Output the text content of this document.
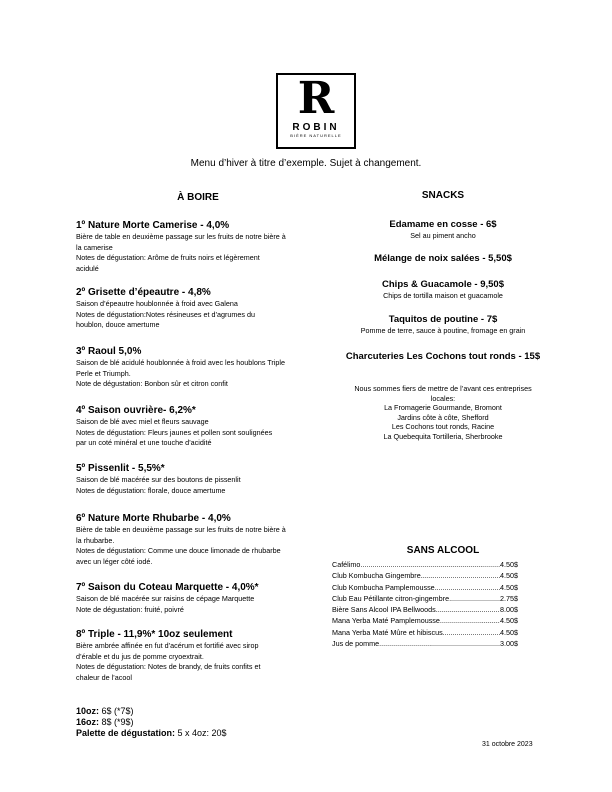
R
ROBIN
BIÈRE NATURELLE
Menu d’hiver à titre d’exemple. Sujet à changement.
À BOIRE	SNACKS
1º Nature Morte Camerise - 4,0%
Bière de table en deuxième passage sur les fruits de notre bière à
la camerise
Notes de dégustation: Arôme de fruits noirs et légèrement
acidulé
2º Grisette d’épeautre - 4,8%
Saison d’épeautre houblonnée à froid avec Galena
Notes de dégustation:Notes résineuses et d’agrumes du
houblon, douce amertume
3º Raoul 5,0%
Saison de blé acidulé houblonnée à froid avec les houblons Triple
Perle et Triumph.
Note de dégustation: Bonbon sûr et citron confit
4º Saison ouvrière- 6,2%*
Saison de blé avec miel et fleurs sauvage
Notes de dégustation: Fleurs jaunes et pollen sont soulignées
par un coté minéral et une touche d’acidité
5º Pissenlit - 5,5%*
Saison de blé macérée sur des boutons de pissenlit
Notes de dégustation: florale, douce amertume
6º Nature Morte Rhubarbe - 4,0%
Bière de table en deuxième passage sur les fruits de notre bière à
la rhubarbe.
Notes de dégustation: Comme une douce limonade de rhubarbe
avec un léger côté iodé.
7º Saison du Coteau Marquette - 4,0%*
Saison de blé macérée sur raisins de cépage Marquette
Note de dégustation: fruité, poivré
8º Triple - 11,9%* 10oz seulement
Bière ambrée affinée en fut d’acérum et fortifié avec sirop
d’érable et du jus de pomme cryoextrait.
Notes de dégustation: Notes de brandy, de fruits confits et
chaleur de l’acool
Edamame en cosse - 6$
Sel au piment ancho
Mélange de noix salées - 5,50$
Chips & Guacamole - 9,50$
Chips de tortilla maison et guacamole
Taquitos de poutine - 7$
Pomme de terre, sauce à poutine, fromage en grain
Charcuteries Les Cochons tout ronds - 15$
Nous sommes fiers de mettre de l’avant ces entreprises
locales:
La Fromagerie Gourmande, Bromont
Jardins côte à côte, Shefford
Les Cochons tout ronds, Racine
La Quebequita Tortilleria, Sherbrooke
SANS ALCOOL
Cafélimo .....	4.50$
Club Kombucha Gingembre .....	4.50$
Club Kombucha Pamplemousse .....	4.50$
Club Eau Pétillante citron-gingembre .....	2.75$
Bière Sans Alcool IPA Bellwoods .....	8.00$
Mana Yerba Maté Pamplemousse .....	4.50$
Mana Yerba Maté Mûre et hibiscus .....	4.50$
Jus de pomme .....	3.00$
10oz: 6$ (*7$)
16oz: 8$ (*9$)
Palette de dégustation: 5 x 4oz: 20$
31 octobre 2023
